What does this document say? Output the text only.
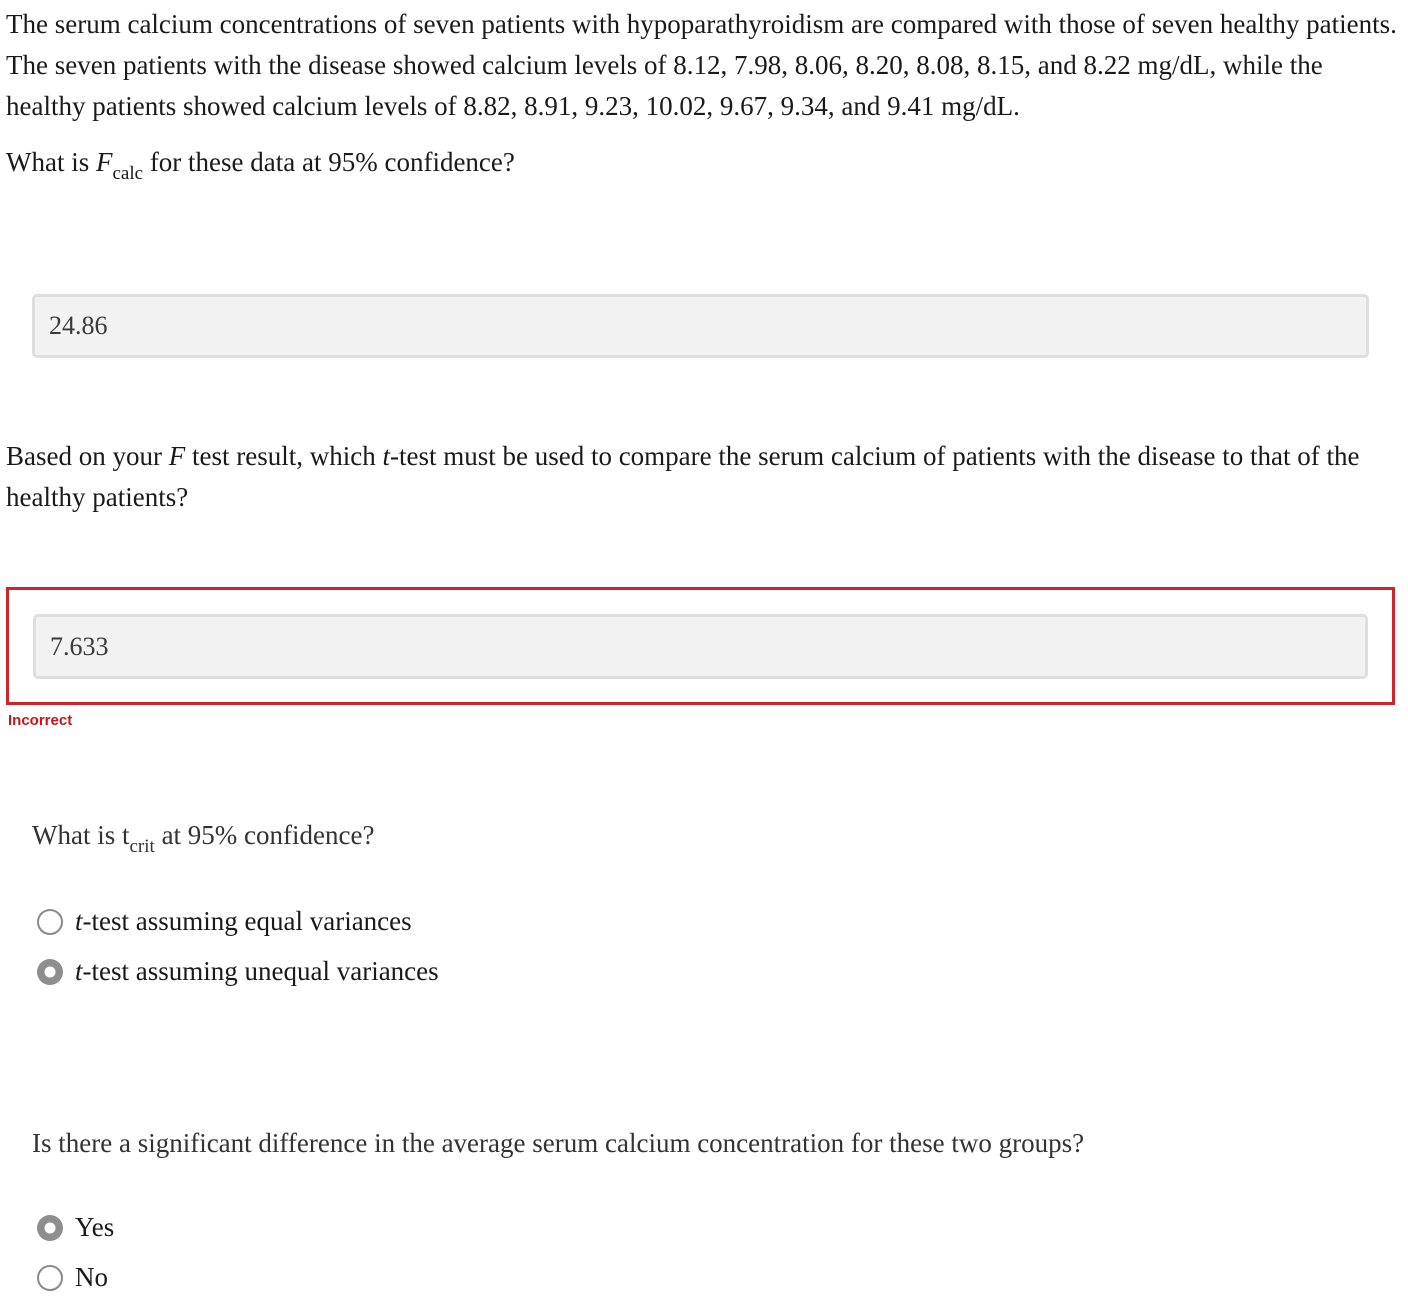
The serum calcium concentrations of seven patients with hypoparathyroidism are compared with those of seven healthy patients. The seven patients with the disease showed calcium levels of 8.12, 7.98, 8.06, 8.20, 8.08, 8.15, and 8.22 mg/dL, while the healthy patients showed calcium levels of 8.82, 8.91, 9.23, 10.02, 9.67, 9.34, and 9.41 mg/dL.

What is $F_{calc}$ for these data at 95% confidence?

24.86

Based on your F test result, which t-test must be used to compare the serum calcium of patients with the disease to that of the healthy patients?

7.633
Incorrect

What is $t_{crit}$ at 95% confidence?

t -test assuming equal variances
t -test assuming unequal variances

Is there a significant difference in the average serum calcium concentration for these two groups?

Yes
No
